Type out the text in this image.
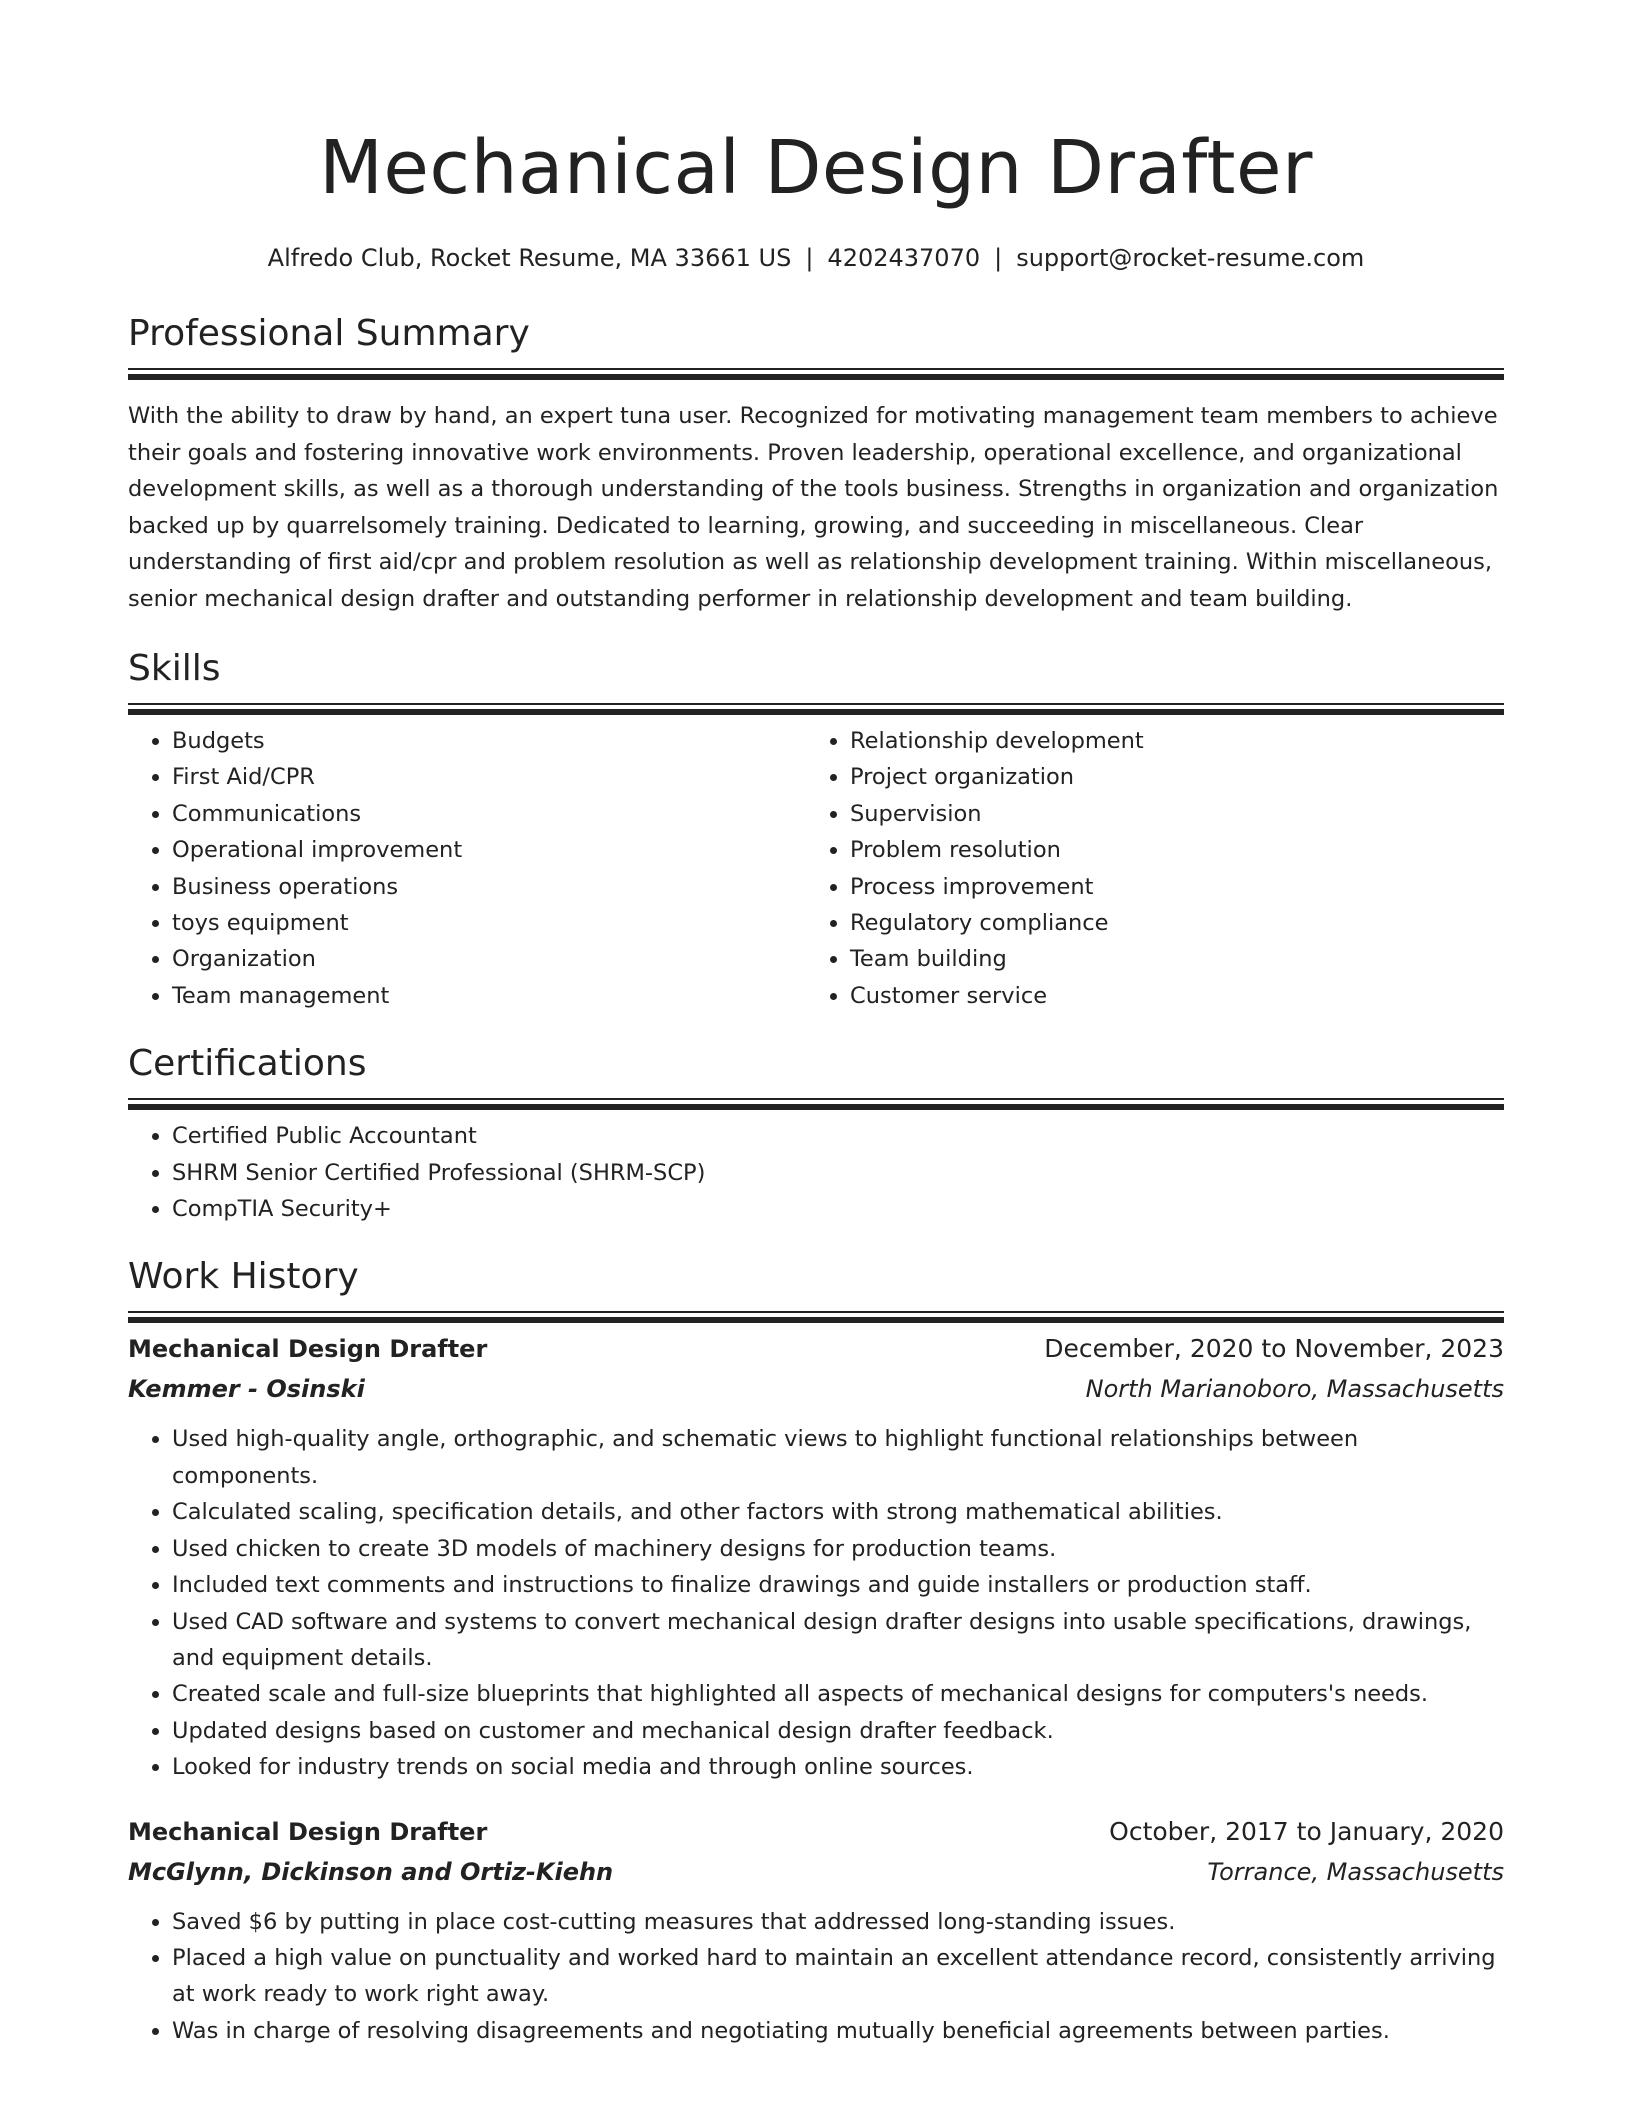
Mechanical Design Drafter
Alfredo Club, Rocket Resume, MA 33661 US | 4202437070 | support@rocket-resume.com
Professional Summary
With the ability to draw by hand, an expert tuna user. Recognized for motivating management team members to achieve their goals and fostering innovative work environments. Proven leadership, operational excellence, and organizational development skills, as well as a thorough understanding of the tools business. Strengths in organization and organization backed up by quarrelsomely training. Dedicated to learning, growing, and succeeding in miscellaneous. Clear understanding of first aid/cpr and problem resolution as well as relationship development training. Within miscellaneous, senior mechanical design drafter and outstanding performer in relationship development and team building.
Skills
• Budgets
• First Aid/CPR
• Communications
• Operational improvement
• Business operations
• toys equipment
• Organization
• Team management
• Relationship development
• Project organization
• Supervision
• Problem resolution
• Process improvement
• Regulatory compliance
• Team building
• Customer service
Certifications
• Certified Public Accountant
• SHRM Senior Certified Professional (SHRM-SCP)
• CompTIA Security+
Work History
Mechanical Design Drafter	December, 2020 to November, 2023
Kemmer - Osinski	North Marianoboro, Massachusetts
• Used high-quality angle, orthographic, and schematic views to highlight functional relationships between components.
• Calculated scaling, specification details, and other factors with strong mathematical abilities.
• Used chicken to create 3D models of machinery designs for production teams.
• Included text comments and instructions to finalize drawings and guide installers or production staff.
• Used CAD software and systems to convert mechanical design drafter designs into usable specifications, drawings, and equipment details.
• Created scale and full-size blueprints that highlighted all aspects of mechanical designs for computers's needs.
• Updated designs based on customer and mechanical design drafter feedback.
• Looked for industry trends on social media and through online sources.
Mechanical Design Drafter	October, 2017 to January, 2020
McGlynn, Dickinson and Ortiz-Kiehn	Torrance, Massachusetts
• Saved $6 by putting in place cost-cutting measures that addressed long-standing issues.
• Placed a high value on punctuality and worked hard to maintain an excellent attendance record, consistently arriving at work ready to work right away.
• Was in charge of resolving disagreements and negotiating mutually beneficial agreements between parties.
